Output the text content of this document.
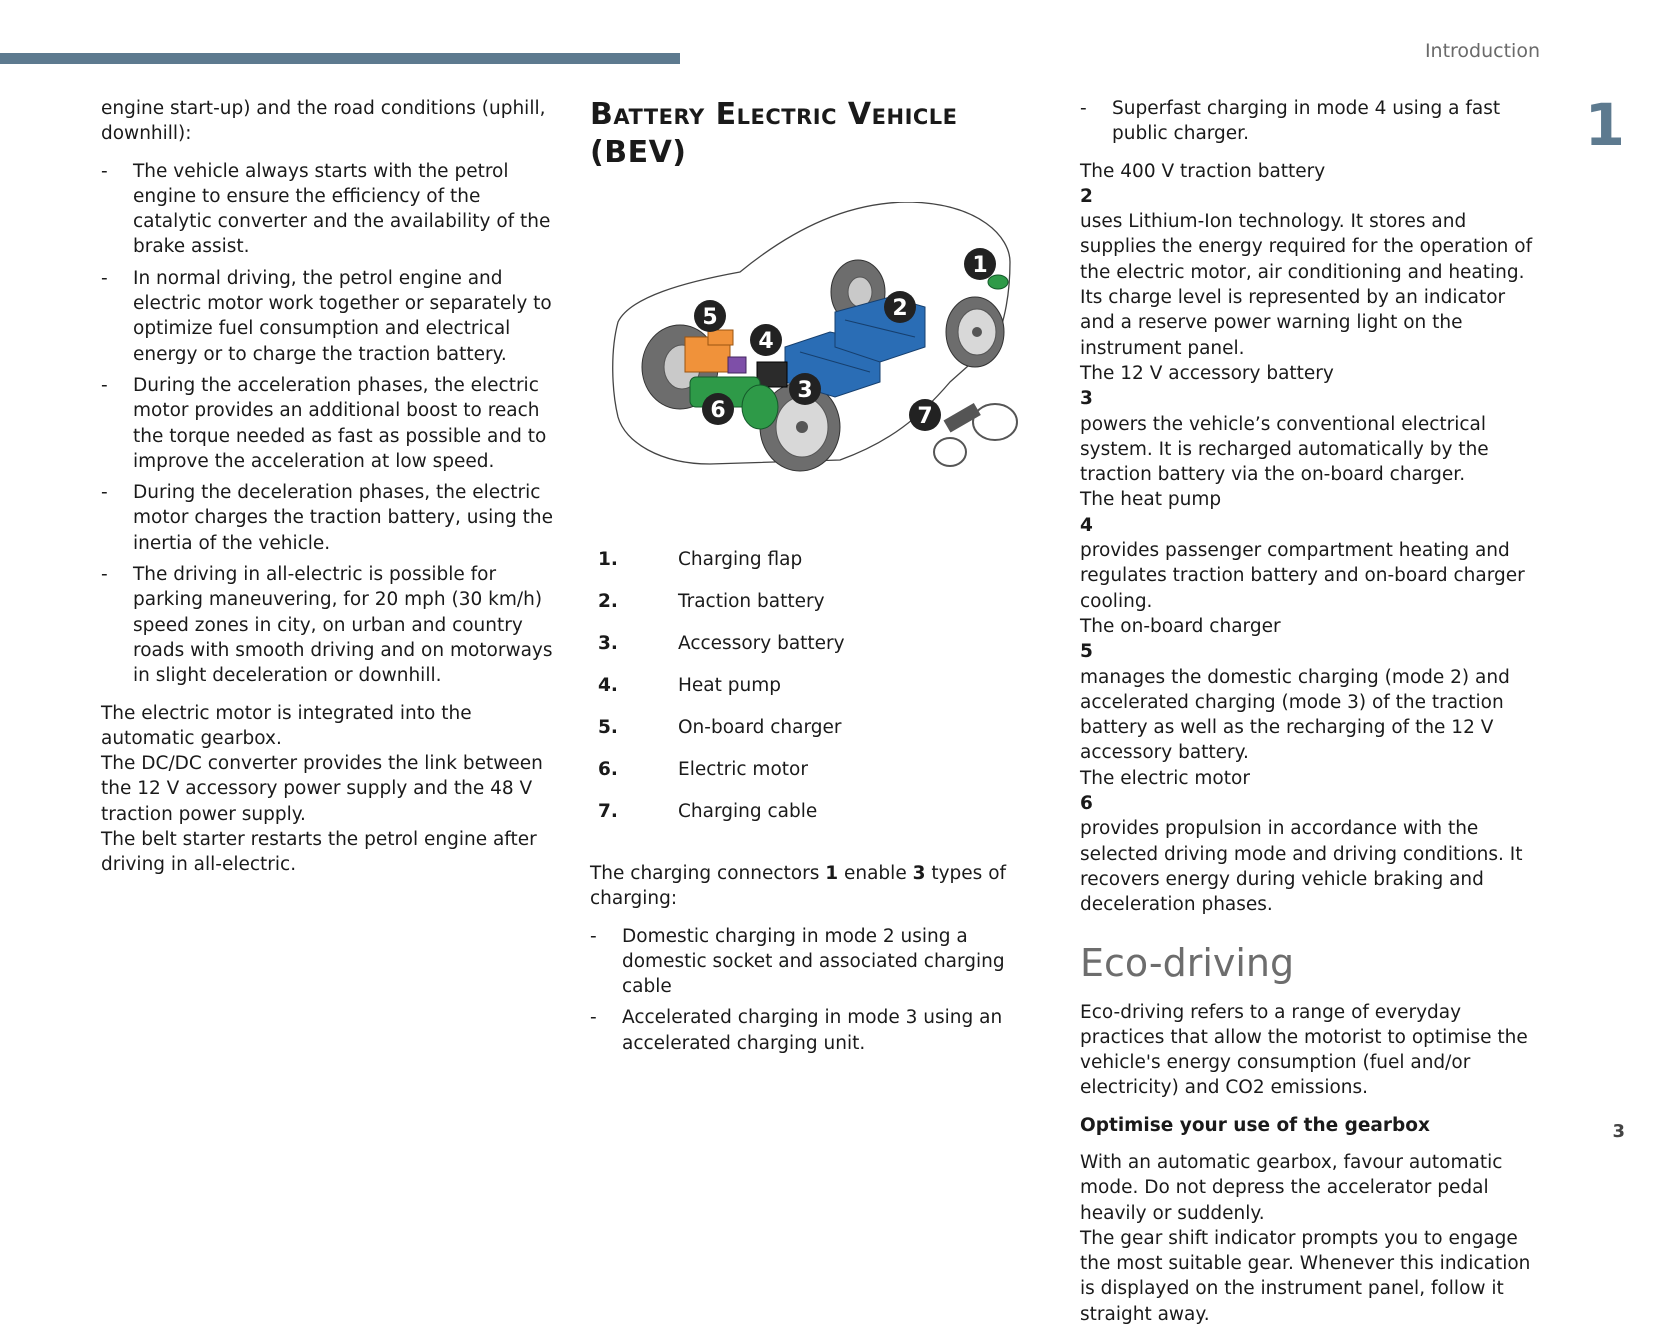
Introduction
1
3

engine start-up) and the road conditions (uphill, downhill):

- The vehicle always starts with the petrol engine to ensure the efficiency of the catalytic converter and the availability of the brake assist.
- In normal driving, the petrol engine and electric motor work together or separately to optimize fuel consumption and electrical energy or to charge the traction battery.
- During the acceleration phases, the electric motor provides an additional boost to reach the torque needed as fast as possible and to improve the acceleration at low speed.
- During the deceleration phases, the electric motor charges the traction battery, using the inertia of the vehicle.
- The driving in all-electric is possible for parking maneuvering, for 20 mph (30 km/h) speed zones in city, on urban and country roads with smooth driving and on motorways in slight deceleration or downhill.
The electric motor is integrated into the automatic gearbox.
The DC/DC converter provides the link between the 12 V accessory power supply and the 48 V traction power supply.
The belt starter restarts the petrol engine after driving in all-electric.
Battery Electric Vehicle (BEV)
1
2
3
4
5
6	7
1.	Charging flap
2.	Traction battery
3.	Accessory battery
4.	Heat pump
5.	On-board charger
6.	Electric motor
7.	Charging cable

The charging connectors 1 enable 3 types of charging:

- Domestic charging in mode 2 using a domestic socket and associated charging cable
- Accelerated charging in mode 3 using an accelerated charging unit.
- Superfast charging in mode 4 using a fast public charger.
The 400 V traction battery
2
uses Lithium-Ion technology. It stores and supplies the energy required for the operation of the electric motor, air conditioning and heating. Its charge level is represented by an indicator and a reserve power warning light on the instrument panel.
The 12 V accessory battery
3
powers the vehicle’s conventional electrical system. It is recharged automatically by the traction battery via the on-board charger.
The heat pump
4
provides passenger compartment heating and regulates traction battery and on-board charger cooling.
The on-board charger
5
manages the domestic charging (mode 2) and accelerated charging (mode 3) of the traction battery as well as the recharging of the 12 V accessory battery.
The electric motor
6
provides propulsion in accordance with the selected driving mode and driving conditions. It recovers energy during vehicle braking and deceleration phases.
Eco-driving

Eco-driving refers to a range of everyday practices that allow the motorist to optimise the vehicle's energy consumption (fuel and/or electricity) and CO2 emissions.

Optimise your use of the gearbox

With an automatic gearbox, favour automatic mode. Do not depress the accelerator pedal heavily or suddenly.
The gear shift indicator prompts you to engage the most suitable gear. Whenever this indication is displayed on the instrument panel, follow it straight away.
